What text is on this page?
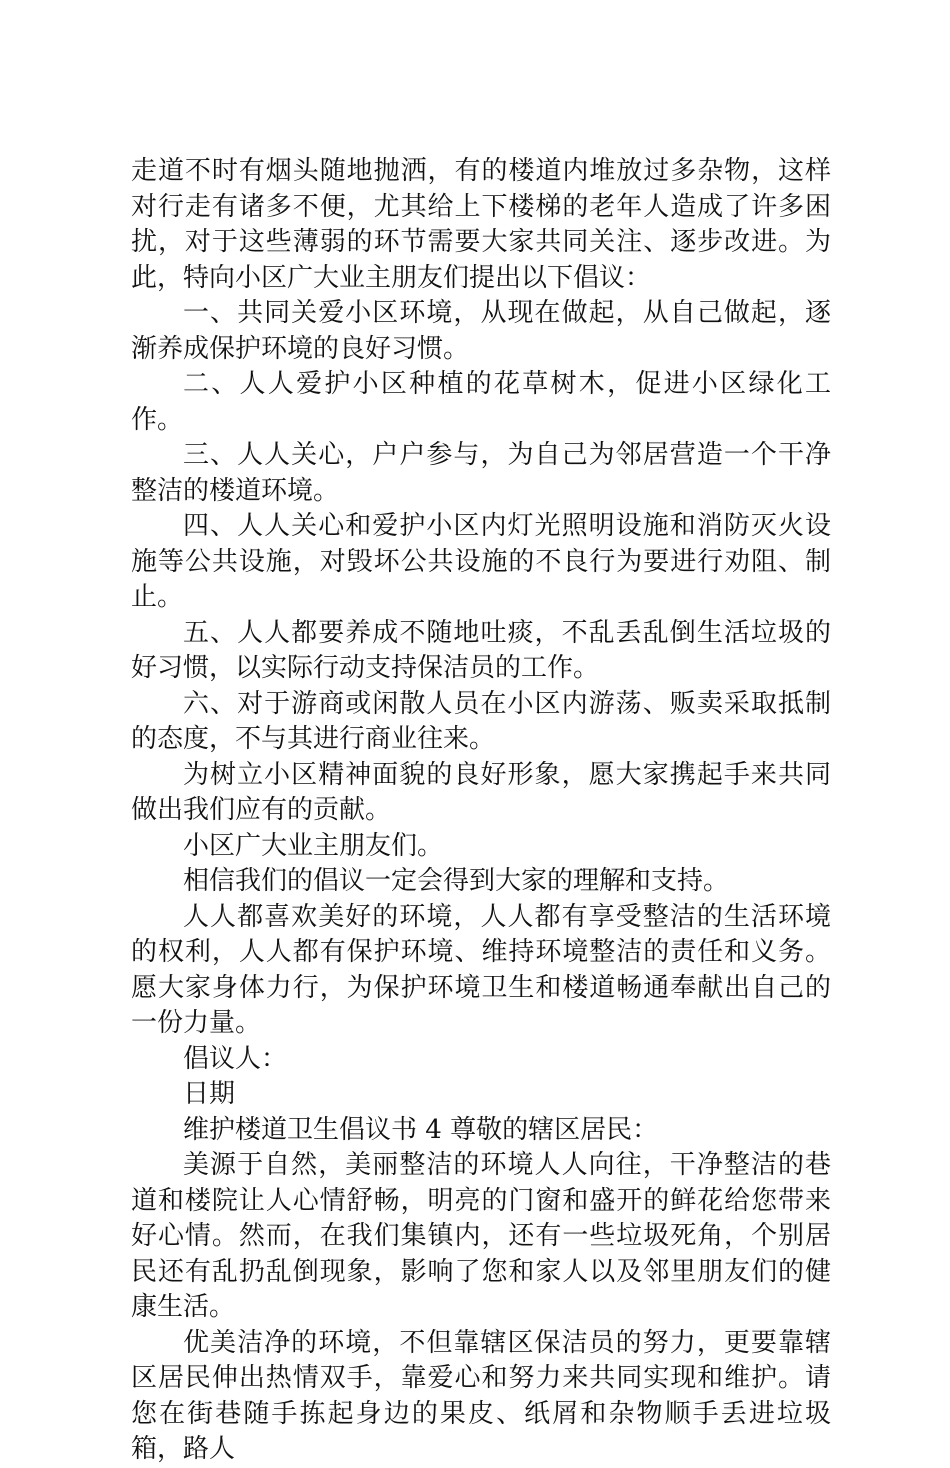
走道不时有烟头随地抛洒，有的楼道内堆放过多杂物，这样对行走有诸多不便，尤其给上下楼梯的老年人造成了许多困扰，对于这些薄弱的环节需要大家共同关注、逐步改进。为此，特向小区广大业主朋友们提出以下倡议：

一、共同关爱小区环境，从现在做起，从自己做起，逐渐养成保护环境的良好习惯。

二、人人爱护小区种植的花草树木，促进小区绿化工作。

三、人人关心，户户参与，为自己为邻居营造一个干净整洁的楼道环境。

四、人人关心和爱护小区内灯光照明设施和消防灭火设施等公共设施，对毁坏公共设施的不良行为要进行劝阻、制止。

五、人人都要养成不随地吐痰，不乱丢乱倒生活垃圾的好习惯，以实际行动支持保洁员的工作。

六、对于游商或闲散人员在小区内游荡、贩卖采取抵制的态度，不与其进行商业往来。

为树立小区精神面貌的良好形象，愿大家携起手来共同做出我们应有的贡献。

小区广大业主朋友们。

相信我们的倡议一定会得到大家的理解和支持。

人人都喜欢美好的环境，人人都有享受整洁的生活环境的权利，人人都有保护环境、维持环境整洁的责任和义务。愿大家身体力行，为保护环境卫生和楼道畅通奉献出自己的一份力量。

倡议人：

日期

维护楼道卫生倡议书 4 尊敬的辖区居民：

美源于自然，美丽整洁的环境人人向往，干净整洁的巷道和楼院让人心情舒畅，明亮的门窗和盛开的鲜花给您带来好心情。然而，在我们集镇内，还有一些垃圾死角，个别居民还有乱扔乱倒现象，影响了您和家人以及邻里朋友们的健康生活。

优美洁净的环境，不但靠辖区保洁员的努力，更要靠辖区居民伸出热情双手，靠爱心和努力来共同实现和维护。请您在街巷随手拣起身边的果皮、纸屑和杂物顺手丢进垃圾箱，路人
